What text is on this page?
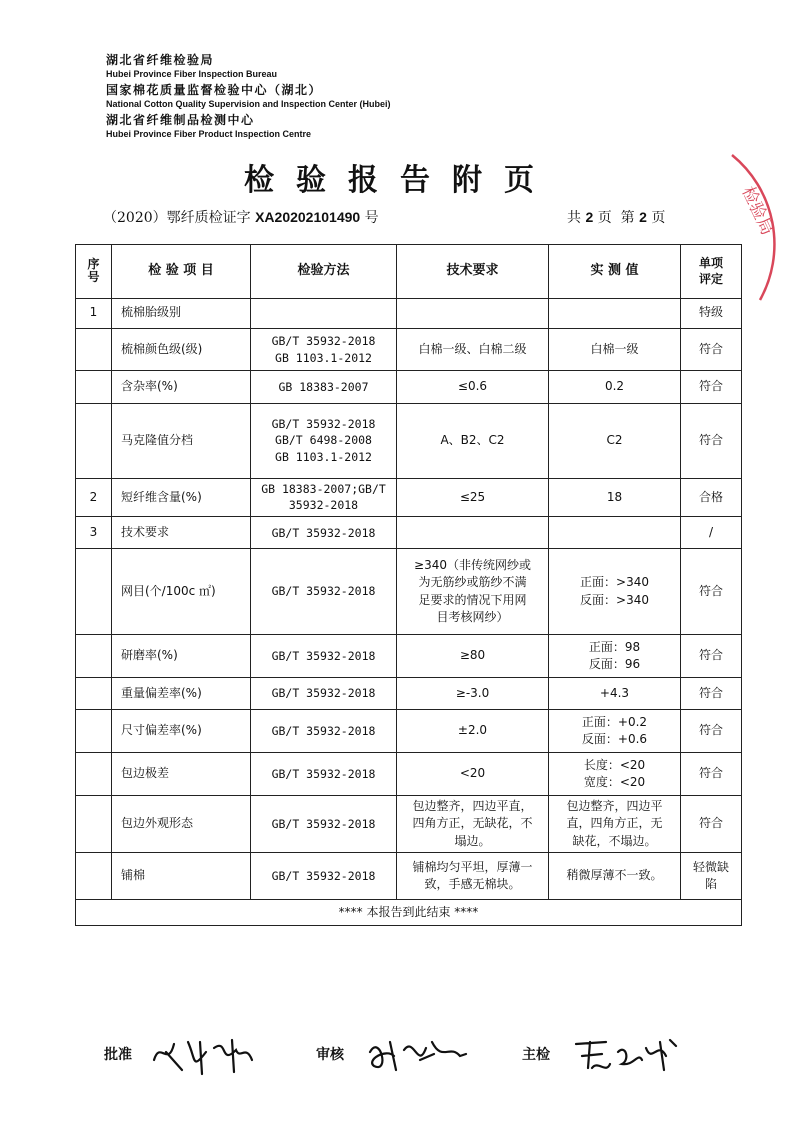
湖北省纤维检验局
Hubei Province Fiber Inspection Bureau
国家棉花质量监督检验中心（湖北）
National Cotton Quality Supervision and Inspection Center (Hubei)
湖北省纤维制品检测中心
Hubei Province Fiber Product Inspection Centre
检验报告附页
（2020）鄂纤质检证字 XA20202101490 号	共 2 页 第 2 页
序号	检 验 项 目	检验方法	技术要求	实 测 值	单项
评定

1	梳棉胎级别				特级

	梳棉颜色级(级)	GB/T 35932-2018
GB 1103.1-2012	白棉一级、白棉二级	白棉一级	符合

	含杂率(%)	GB 18383-2007	≤0.6	0.2	符合

	马克隆值分档	GB/T 35932-2018
GB/T 6498-2008
GB 1103.1-2012	A、B2、C2	C2	符合

2	短纤维含量(%)	GB 18383-2007;GB/T
35932-2018	≤25	18	合格

3	技术要求	GB/T 35932-2018			/

	网目(个/100c ㎡)	GB/T 35932-2018	≥340（非传统网纱或
为无筋纱或筋纱不满
足要求的情况下用网
目考核网纱）	正面：>340
反面：>340	符合

	研磨率(%)	GB/T 35932-2018	≥80	正面：98
反面：96	符合

	重量偏差率(%)	GB/T 35932-2018	≥-3.0	+4.3	符合

	尺寸偏差率(%)	GB/T 35932-2018	±2.0	正面：+0.2
反面：+0.6	符合

	包边极差	GB/T 35932-2018	<20	长度：<20
宽度：<20	符合

	包边外观形态	GB/T 35932-2018	包边整齐，四边平直，
四角方正，无缺花，不
塌边。	包边整齐，四边平
直，四角方正，无
缺花，不塌边。	符合

	铺棉	GB/T 35932-2018	铺棉均匀平坦，厚薄一
致，手感无棉块。	稍微厚薄不一致。	轻微缺
陷

**** 本报告到此结束 ****					
检验局
批准	审核	主检
